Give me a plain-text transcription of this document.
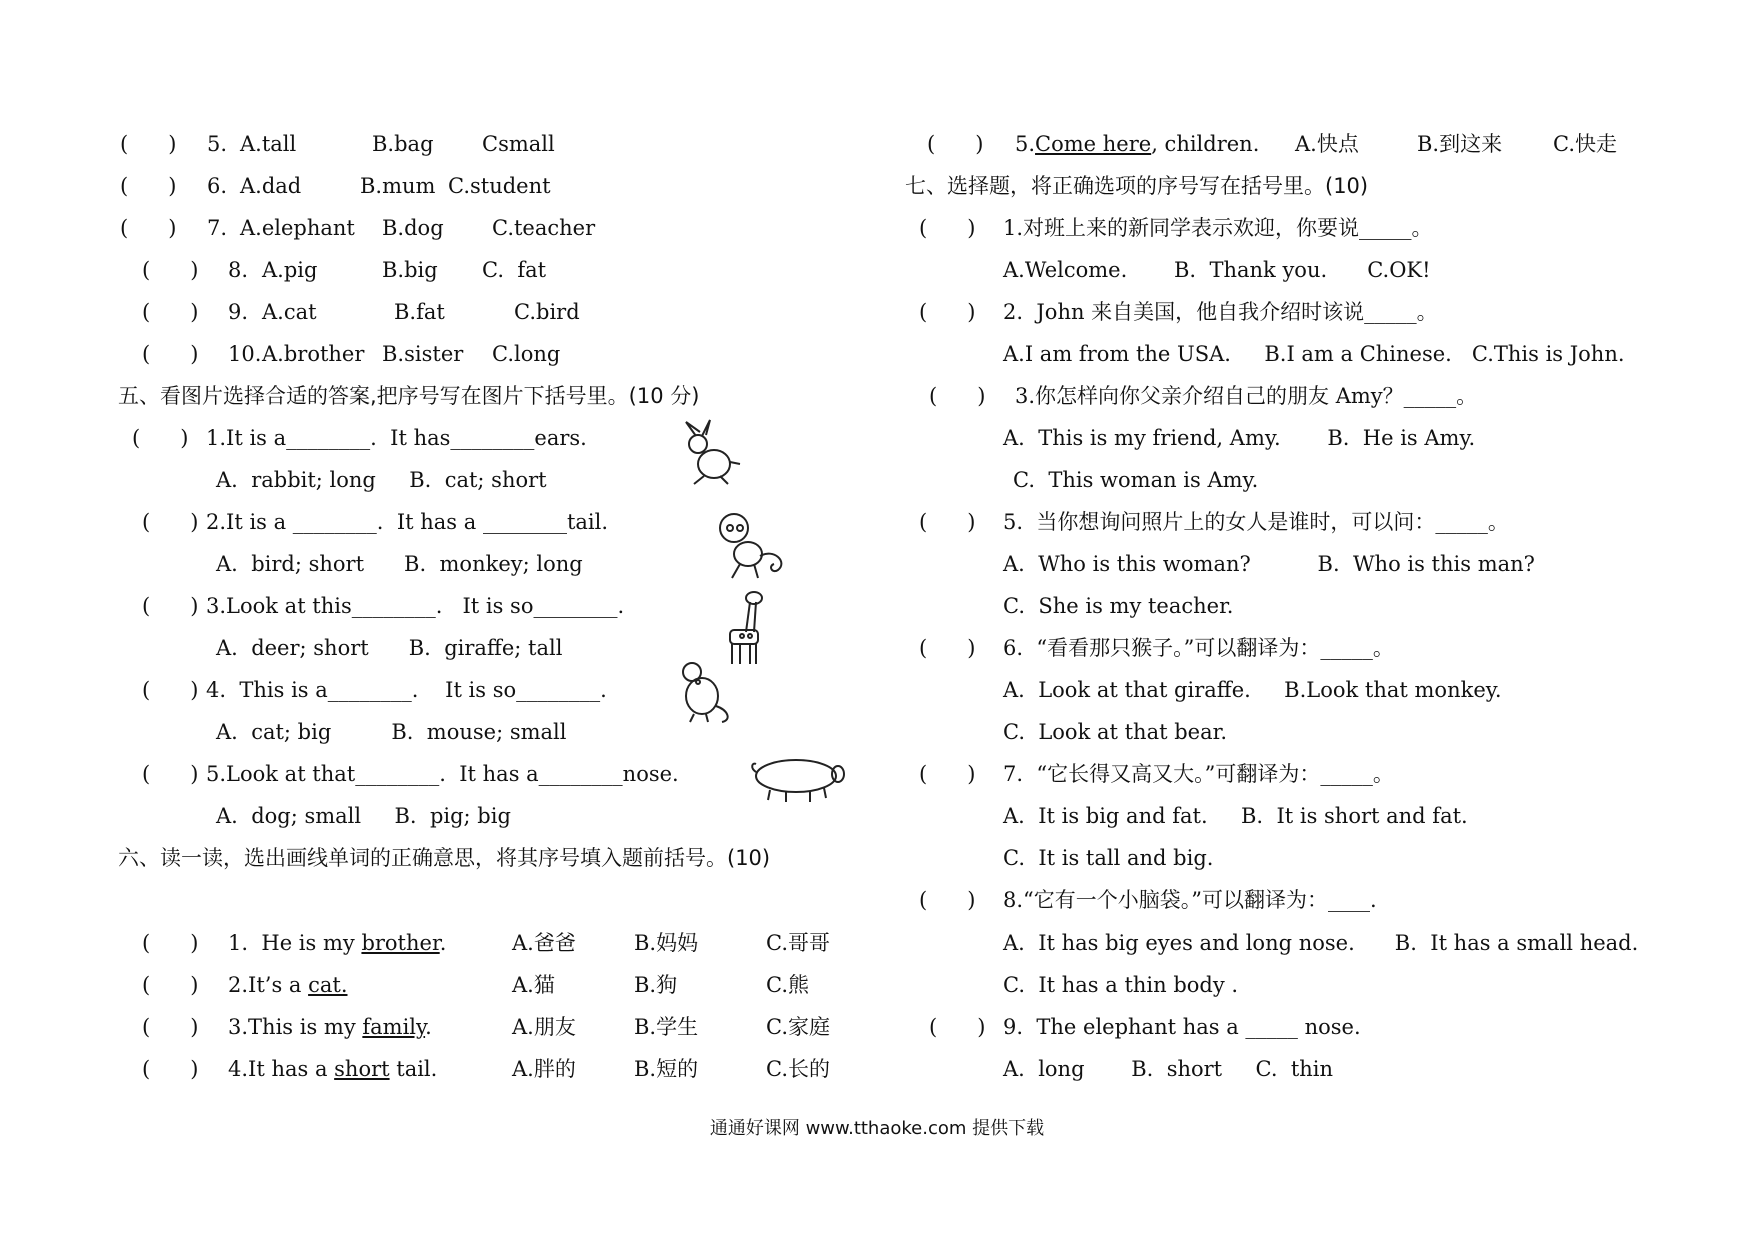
(      ) 5. A.tall	B.bag Csmall
(      ) 6. A.dad	B.mum C.student
(      ) 7. A.elephant B.dog C.teacher
(      ) 8. A.pig	B.big C.  fat
(      ) 9. A.cat	B.fat	C.bird
(      ) 10. A.brother B.sister C.long
五、看图片选择合适的答案,把序号写在图片下括号里。(10 分)
(      ) 1.It is a________.  It has________ears.
A.  rabbit; long     B.  cat; short
(      ) 2.It is a ________.  It has a ________tail.
A.  bird; short      B.  monkey; long
(      ) 3.Look at this________.   It is so________.
A.  deer; short      B.  giraffe; tall
(      ) 4.  This is a________.    It is so________.
A.  cat; big         B.  mouse; small
(      ) 5.Look at that________.  It has a________nose.
A.  dog; small     B.  pig; big
六、读一读，选出画线单词的正确意思，将其序号填入题前括号。(10)
(      ) 1.  He is my brother.	A.爸爸	B.妈妈	C.哥哥
(      ) 2.It’s a cat.	A.猫	B.狗	C.熊
(      ) 3.This is my family.	A.朋友	B.学生	C.家庭
(      ) 4.It has a short tail.	A.胖的	B.短的	C.长的
(      ) 5.Come here, children. A.快点	B.到这来 C.快走
七、选择题，将正确选项的序号写在括号里。(10)
(      ) 1.对班上来的新同学表示欢迎，你要说_____。
A.Welcome.       B.  Thank you.      C.OK!
(      ) 2.  John 来自美国，他自我介绍时该说_____。
A.I am from the USA.     B.I am a Chinese.   C.This is John.
(      ) 3.你怎样向你父亲介绍自己的朋友 Amy？_____。
A.  This is my friend, Amy.       B.  He is Amy.
C.  This woman is Amy.
(      ) 5.  当你想询问照片上的女人是谁时，可以问：_____。
A.  Who is this woman?          B.  Who is this man?
C.  She is my teacher.
(      ) 6.  “看看那只猴子。”可以翻译为：_____。
A.  Look at that giraffe.     B.Look that monkey.
C.  Look at that bear.
(      ) 7.  “它长得又高又大。”可翻译为：_____。
A.  It is big and fat.     B.  It is short and fat.
C.  It is tall and big.
(      ) 8.“它有一个小脑袋。”可以翻译为：____.
A.  It has big eyes and long nose.      B.  It has a small head.
C.  It has a thin body .
(      ) 9.  The elephant has a _____ nose.
A.  long       B.  short     C.  thin
通通好课网 www.tthaoke.com 提供下载
